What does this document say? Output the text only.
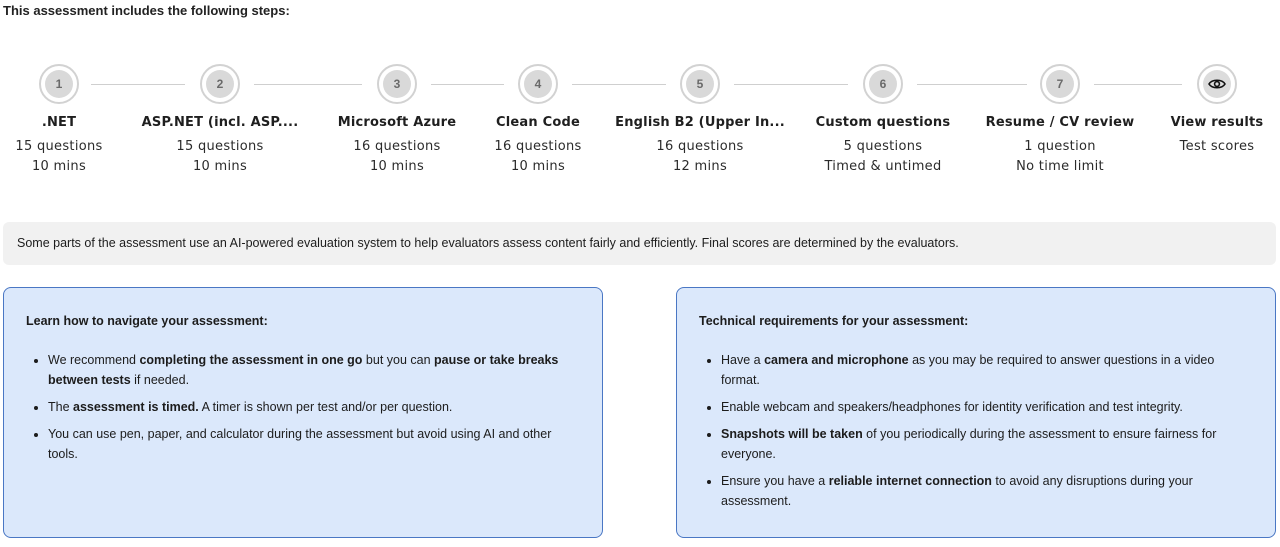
This assessment includes the following steps:
1
.NET
15 questions
10 mins
2
ASP.NET (incl. ASP....
15 questions
10 mins
3
Microsoft Azure
16 questions
10 mins
4
Clean Code
16 questions
10 mins
5
English B2 (Upper In...
16 questions
12 mins
6
Custom questions
5 questions
Timed & untimed
7
Resume / CV review
1 question
No time limit
View results
Test scores
Some parts of the assessment use an AI-powered evaluation system to help evaluators assess content fairly and efficiently. Final scores are determined by the evaluators.
Learn how to navigate your assessment:
• We recommend completing the assessment in one go but you can pause or take breaks between tests if needed.
• The assessment is timed. A timer is shown per test and/or per question.
• You can use pen, paper, and calculator during the assessment but avoid using AI and other tools.
Technical requirements for your assessment:
• Have a camera and microphone as you may be required to answer questions in a video format.
• Enable webcam and speakers/headphones for identity verification and test integrity.
• Snapshots will be taken of you periodically during the assessment to ensure fairness for everyone.
• Ensure you have a reliable internet connection to avoid any disruptions during your assessment.
